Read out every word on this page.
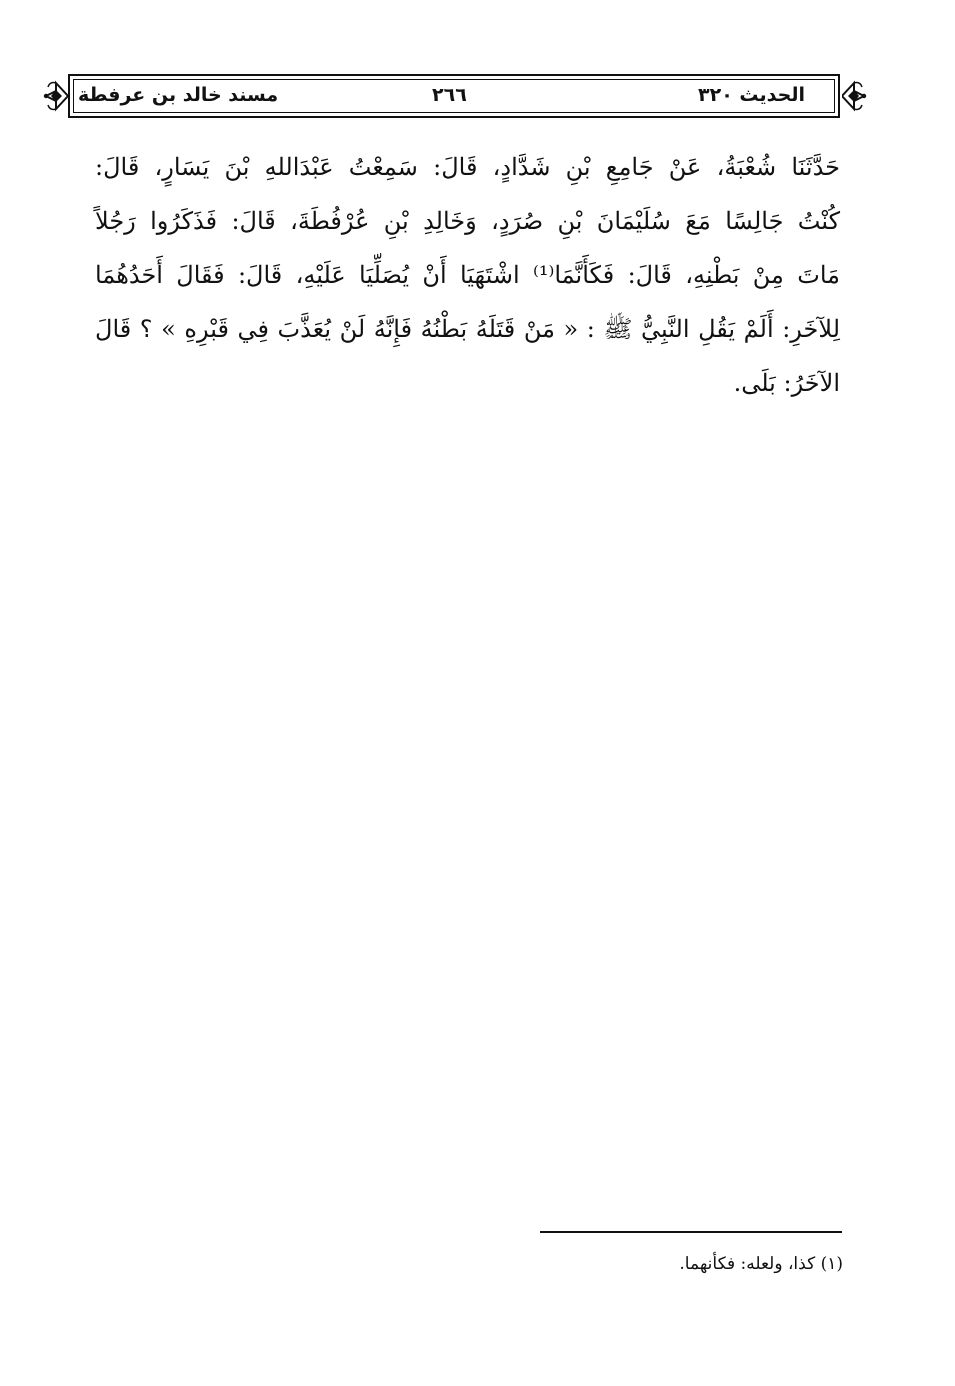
الحديث ٣٢٠
٢٦٦
مسند خالد بن عرفطة
حَدَّثَنَا شُعْبَةُ، عَنْ جَامِعِ بْنِ شَدَّادٍ، قَالَ: سَمِعْتُ عَبْدَاللهِ بْنَ يَسَارٍ، قَالَ:
كُنْتُ جَالِسًا مَعَ سُلَيْمَانَ بْنِ صُرَدٍ، وَخَالِدِ بْنِ عُرْفُطَةَ، قَالَ: فَذَكَرُوا رَجُلاً
مَاتَ مِنْ بَطْنِهِ، قَالَ: فَكَأَنَّمَا⁽¹⁾ اشْتَهَيَا أَنْ يُصَلِّيَا عَلَيْهِ، قَالَ: فَقَالَ أَحَدُهُمَا
لِلآخَرِ: أَلَمْ يَقُلِ النَّبِيُّ ﷺ : « مَنْ قَتَلَهُ بَطْنُهُ فَإِنَّهُ لَنْ يُعَذَّبَ فِي قَبْرِهِ » ؟ قَالَ
الآخَرُ: بَلَى.
(١) كذا، ولعله: فكأنهما.
